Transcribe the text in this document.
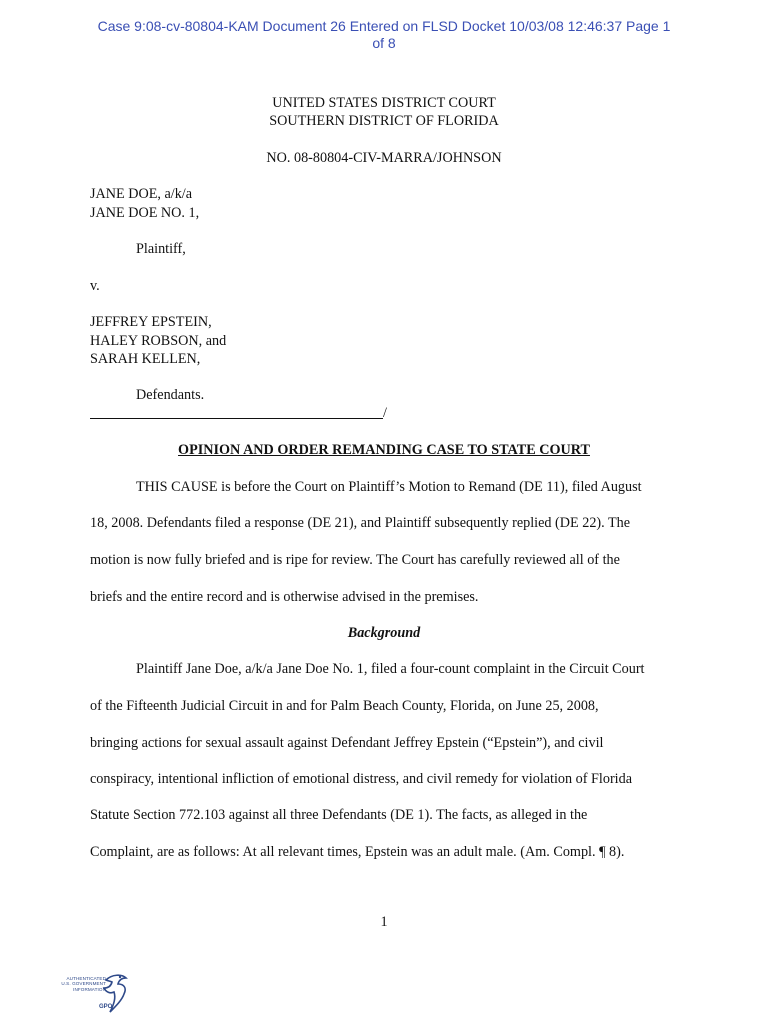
Case 9:08-cv-80804-KAM Document 26 Entered on FLSD Docket 10/03/08 12:46:37 Page 1
of 8
UNITED STATES DISTRICT COURT
SOUTHERN DISTRICT OF FLORIDA
NO. 08-80804-CIV-MARRA/JOHNSON
JANE DOE, a/k/a
JANE DOE NO. 1,
Plaintiff,
v.
JEFFREY EPSTEIN,
HALEY ROBSON, and
SARAH KELLEN,
Defendants.
/
OPINION AND ORDER REMANDING CASE TO STATE COURT
THIS CAUSE is before the Court on Plaintiff’s Motion to Remand (DE 11), filed August
18, 2008. Defendants filed a response (DE 21), and Plaintiff subsequently replied (DE 22). The
motion is now fully briefed and is ripe for review. The Court has carefully reviewed all of the
briefs and the entire record and is otherwise advised in the premises.
Background
Plaintiff Jane Doe, a/k/a Jane Doe No. 1, filed a four-count complaint in the Circuit Court
of the Fifteenth Judicial Circuit in and for Palm Beach County, Florida, on June 25, 2008,
bringing actions for sexual assault against Defendant Jeffrey Epstein (“Epstein”), and civil
conspiracy, intentional infliction of emotional distress, and civil remedy for violation of Florida
Statute Section 772.103 against all three Defendants (DE 1). The facts, as alleged in the
Complaint, are as follows: At all relevant times, Epstein was an adult male. (Am. Compl. ¶ 8).
1
AUTHENTICATED
U.S. GOVERNMENT
INFORMATION
GPO
